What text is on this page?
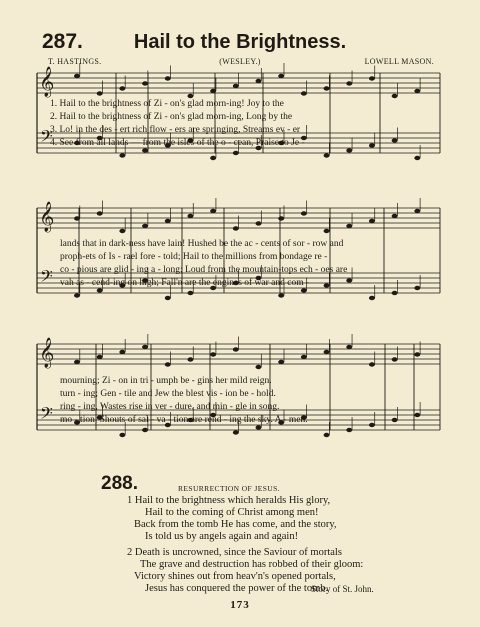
287.	Hail to the Brightness.
T. HASTINGS.	(WESLEY.)	LOWELL MASON.
𝄞
𝄢
𝄞
𝄢
𝄞
𝄢
1. Hail to the brightness of Zi - on's glad morn-ing! Joy to the
2. Hail to the brightness of Zi - on's glad morn-ing, Long by the
3. Lo! in the des - ert rich flow - ers are springing, Streams ev - er
4. See from all lands — from the isles of the o - cean, Praise to Je -
lands that in dark-ness have lain! Hushed be the ac - cents of sor - row and
proph-ets of Is - rael fore - told; Hail to the millions from bondage re -
co - pious are glid - ing a - long; Loud from the mountain-tops ech - oes are
vah as - cend-ing on high; Fall'n are the engines of war and com -
mourning; Zi - on in tri - umph be - gins her mild reign.
turn - ing; Gen - tile and Jew the blest vis - ion be - hold.
ring - ing, Wastes rise in ver - dure, and min - gle in song.
mo - tion, Shouts of sal - va - tion are rend - ing the sky. A - men.
288.	RESURRECTION OF JESUS.
1 Hail to the brightness which heralds His glory,
Hail to the coming of Christ among men!
Back from the tomb He has come, and the story,
Is told us by angels again and again!
2 Death is uncrowned, since the Saviour of mortals
The grave and destruction has robbed of their gloom:
Victory shines out from heav'n's opened portals,
Jesus has conquered the power of the tomb.
Story of St. John.
173
